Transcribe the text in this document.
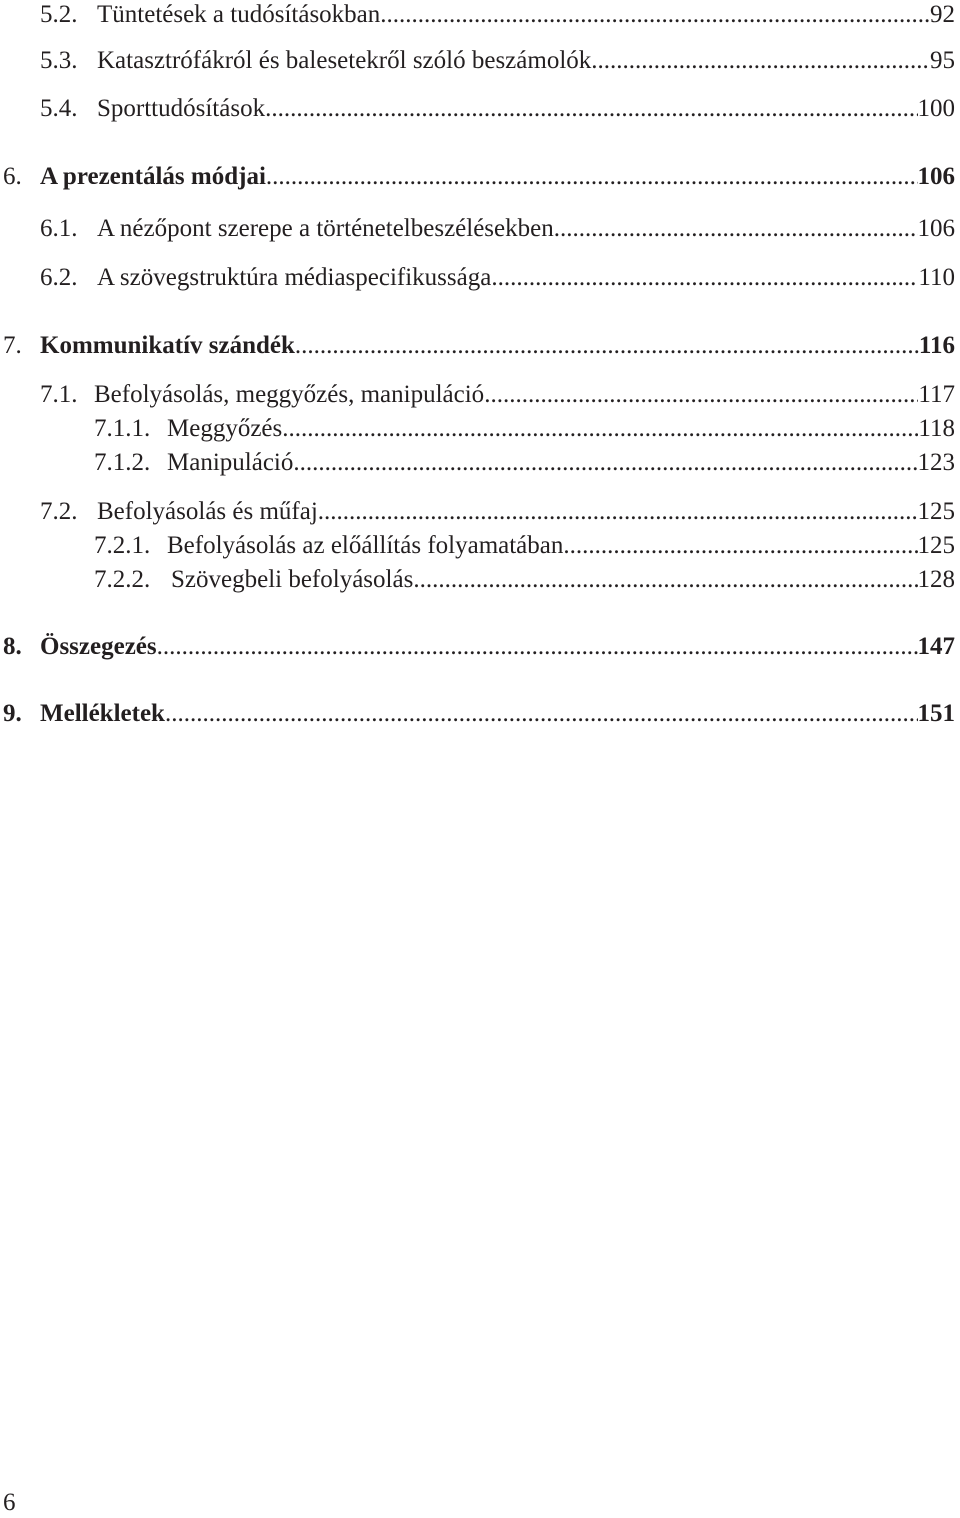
5.2. Tüntetések a tudósításokban .....	92
5.3. Katasztrófákról és balesetekről szóló beszámolók .....	95
5.4. Sporttudósítások .....	100
6. A prezentálás módjai .....	106
6.1. A nézőpont szerepe a történetelbeszélésekben .....	106
6.2. A szövegstruktúra médiaspecifikussága .....	110
7. Kommunikatív szándék .....	116
7.1. Befolyásolás, meggyőzés, manipuláció .....	117
7.1.1. Meggyőzés .....	118
7.1.2. Manipuláció .....	123
7.2. Befolyásolás és műfaj .....	125
7.2.1. Befolyásolás az előállítás folyamatában .....	125
7.2.2. Szövegbeli befolyásolás .....	128
8. Összegezés .....	147
9. Mellékletek .....	151
6
